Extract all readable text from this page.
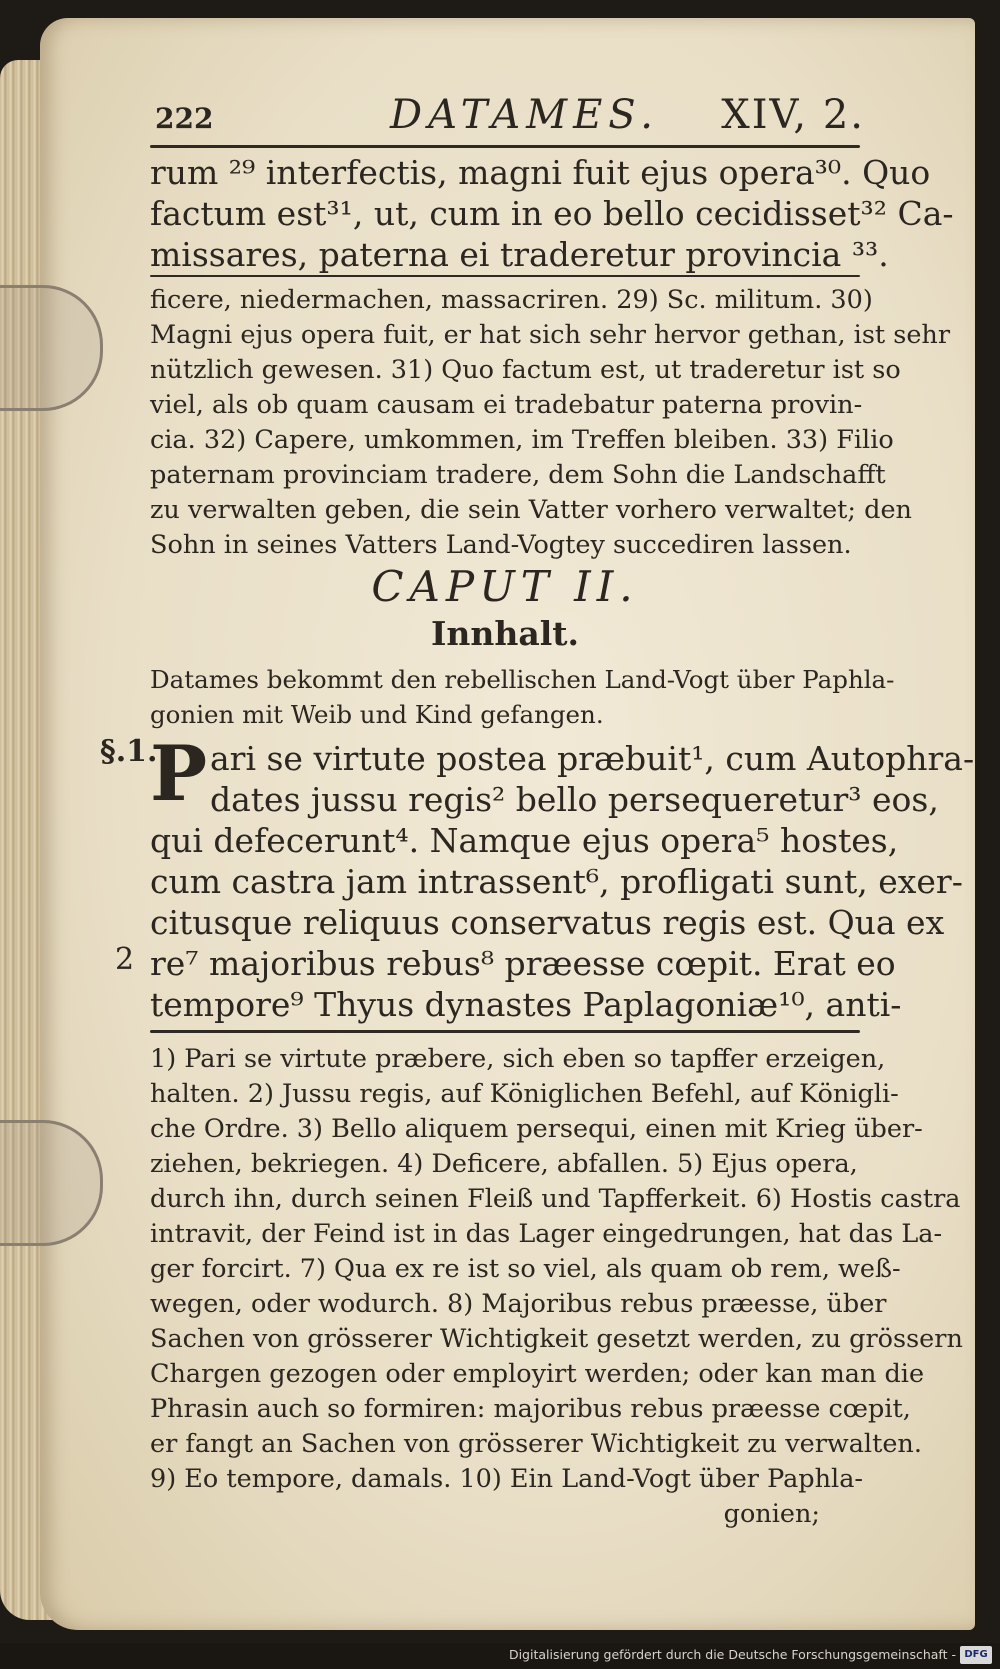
222	DATAMES. XIV, 2.
rum ²⁹ interfectis, magni fuit ejus opera³⁰. Quo
factum est³¹, ut, cum in eo bello cecidisset³² Ca-
missares, paterna ei traderetur provincia ³³.
ficere, niedermachen, massacriren. 29) Sc. militum. 30)
Magni ejus opera fuit, er hat sich sehr hervor gethan, ist sehr
nützlich gewesen. 31) Quo factum est, ut traderetur ist so
viel, als ob quam causam ei tradebatur paterna provin-
cia. 32) Capere, umkommen, im Treffen bleiben. 33) Filio
paternam provinciam tradere, dem Sohn die Landschafft
zu verwalten geben, die sein Vatter vorhero verwaltet; den
Sohn in seines Vatters Land-Vogtey succediren lassen.
CAPUT II.
Innhalt.
Datames bekommt den rebellischen Land-Vogt über Paphla-
gonien mit Weib und Kind gefangen.
§.1.
P
2
ari se virtute postea præbuit¹, cum Autophra-
dates jussu regis² bello persequeretur³ eos,
qui defecerunt⁴. Namque ejus opera⁵ hostes,
cum castra jam intrassent⁶, profligati sunt, exer-
citusque reliquus conservatus regis est. Qua ex
re⁷ majoribus rebus⁸ præesse cœpit. Erat eo
tempore⁹ Thyus dynastes Paplagoniæ¹⁰, anti-
1) Pari se virtute præbere, sich eben so tapffer erzeigen,
halten. 2) Jussu regis, auf Königlichen Befehl, auf Königli-
che Ordre. 3) Bello aliquem persequi, einen mit Krieg über-
ziehen, bekriegen. 4) Deficere, abfallen. 5) Ejus opera,
durch ihn, durch seinen Fleiß und Tapfferkeit. 6) Hostis castra
intravit, der Feind ist in das Lager eingedrungen, hat das La-
ger forcirt. 7) Qua ex re ist so viel, als quam ob rem, weß-
wegen, oder wodurch. 8) Majoribus rebus præesse, über
Sachen von grösserer Wichtigkeit gesetzt werden, zu grössern
Chargen gezogen oder employirt werden; oder kan man die
Phrasin auch so formiren: majoribus rebus præesse cœpit,
er fangt an Sachen von grösserer Wichtigkeit zu verwalten.
9) Eo tempore, damals. 10) Ein Land-Vogt über Paphla-
gonien;
Digitalisierung gefördert durch die Deutsche Forschungsgemeinschaft - DFG
